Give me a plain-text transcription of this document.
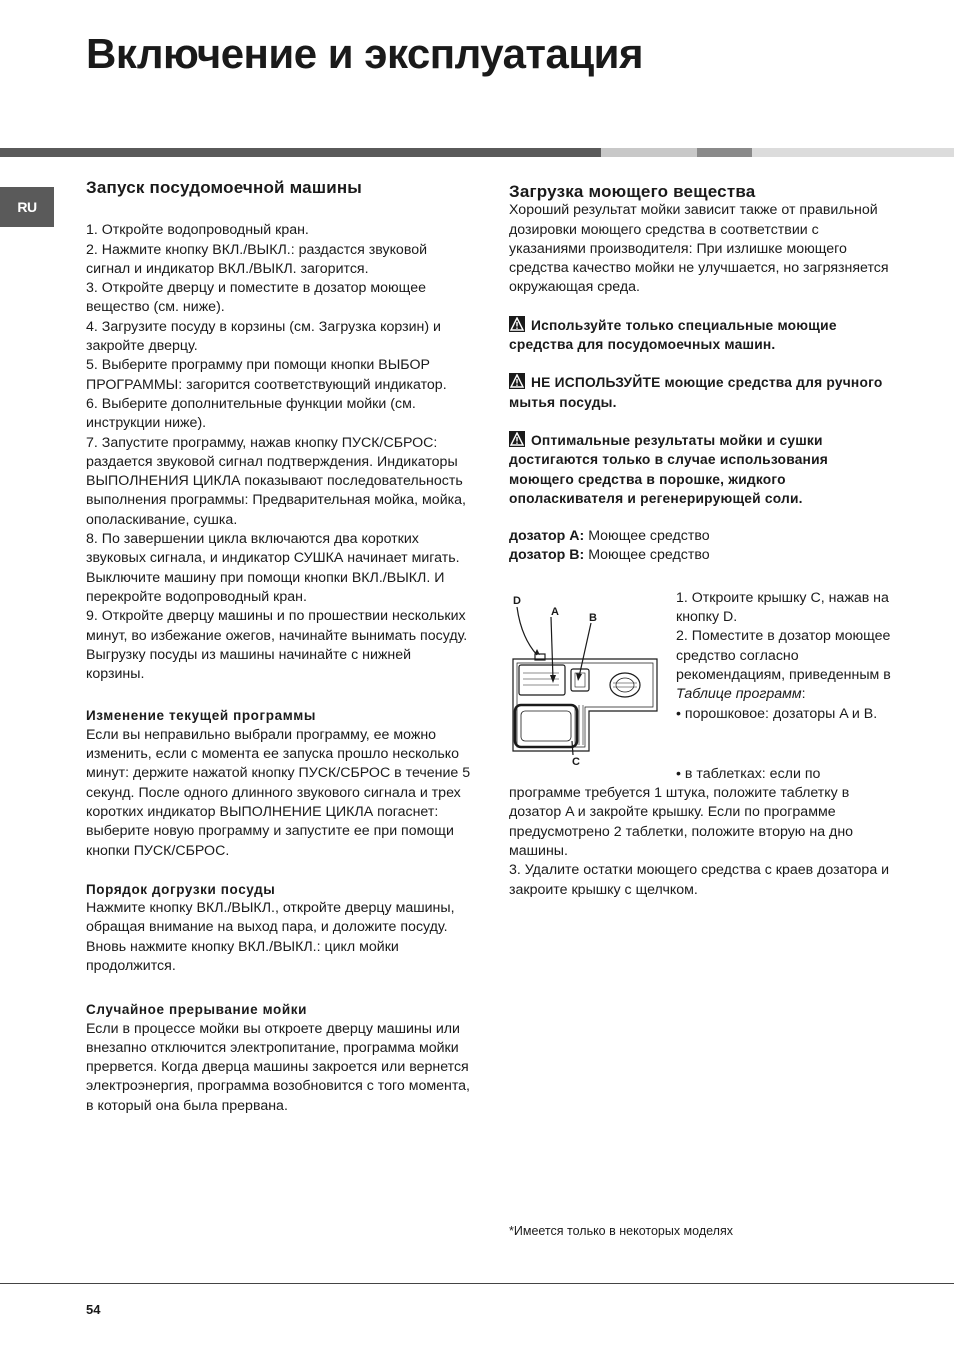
Включение и эксплуатация
RU
Запуск посудомоечной машины

1. Откройте водопроводный кран.
2. Нажмите кнопку ВКЛ./ВЫКЛ.: раздастся звуковой сигнал и индикатор ВКЛ./ВЫКЛ. загорится.
3. Откройте дверцу и поместите в дозатор моющее вещество (см. ниже).
4. Загрузите посуду в корзины (см. Загрузка корзин) и закройте дверцу.
5. Выберите программу при помощи кнопки ВЫБОР ПРОГРАММЫ: загорится соответствующий индикатор.
6. Выберите дополнительные функции мойки (см. инструкции ниже).
7. Запустите программу, нажав кнопку ПУСК/СБРОС: раздается звуковой сигнал подтверждения. Индикаторы ВЫПОЛНЕНИЯ ЦИКЛА показывают последовательность выполнения программы: Предварительная мойка, мойка, ополаскивание, сушка.
8. По завершении цикла включаются два коротких звуковых сигнала, и индикатор СУШКА начинает мигать. Выключите машину при помощи кнопки ВКЛ./ВЫКЛ. И перекройте водопроводный кран.
9. Откройте дверцу машины и по прошествии нескольких минут, во избежание ожегов, начинайте вынимать посуду. Выгрузку посуды из машины начинайте с нижней корзины.

Изменение текущей программы

Если вы неправильно выбрали программу, ее можно изменить, если с момента ее запуска прошло несколько минут: держите нажатой кнопку ПУСК/СБРОС в течение 5 секунд. После одного длинного звукового сигнала и трех коротких индикатор ВЫПОЛНЕНИЕ ЦИКЛА погаснет: выберите новую программу и запустите ее при помощи кнопки ПУСК/СБРОС.

Порядок догрузки посуды

Нажмите кнопку ВКЛ./ВЫКЛ., откройте дверцу машины, обращая внимание на выход пара, и доложите посуду. Вновь нажмите кнопку ВКЛ./ВЫКЛ.: цикл мойки продолжится.

Случайное прерывание мойки

Если в процессе мойки вы откроете дверцу машины или внезапно отключится электропитание, программа мойки прервется. Когда дверца машины закроется или вернется электроэнергия, программа возобновится с того момента, в который она была прервана.

Загрузка моющего вещества

Хороший результат мойки зависит также от правильной дозировки моющего средства в соответствии с указаниями производителя: При излишке моющего средства качество мойки не улучшается, но загрязняется окружающая среда.

Используйте только специальные моющие средства для посудомоечных машин.

НЕ ИСПОЛЬЗУЙТЕ моющие средства для ручного мытья посуды.

Оптимальные результаты мойки и сушки достигаются только в случае использования моющего средства в порошке, жидкого ополаскивателя и регенерирующей соли.

дозатор A: Моющее средство

дозатор B: Моющее средство

D
A	B
C

1. Откроите крышку C, нажав на кнопку D.

2. Поместите в дозатор моющее средство согласно рекомендациям, приведенным в Таблице программ:

• порошковое: дозаторы A и B.

• в таблетках: если по программе требуется 1 штука, положите таблетку в дозатор A и закройте крышку. Если по программе предусмотрено 2 таблетки, положите вторую на дно машины.

3. Удалите остатки моющего средства с краев дозатора и закроите крышку с щелчком.

*Имеется только в некоторых моделях
54
